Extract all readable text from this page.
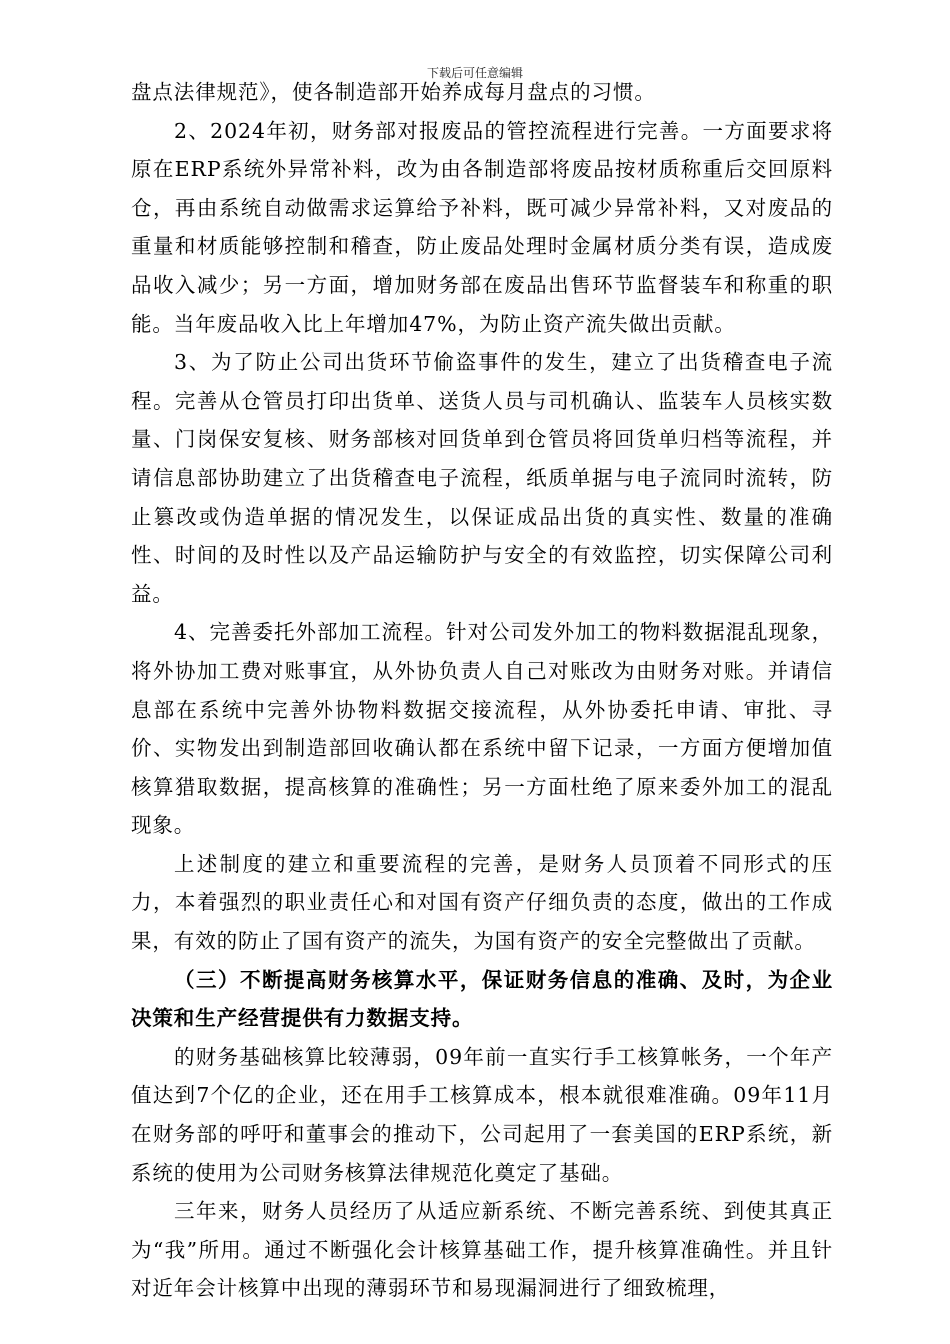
下载后可任意编辑

盘点法律规范》，使各制造部开始养成每月盘点的习惯。

2、2024年初，财务部对报废品的管控流程进行完善。一方面要求将原在ERP系统外异常补料，改为由各制造部将废品按材质称重后交回原料仓，再由系统自动做需求运算给予补料，既可减少异常补料，又对废品的重量和材质能够控制和稽查，防止废品处理时金属材质分类有误，造成废品收入减少；另一方面，增加财务部在废品出售环节监督装车和称重的职能。当年废品收入比上年增加47%，为防止资产流失做出贡献。

3、为了防止公司出货环节偷盗事件的发生，建立了出货稽查电子流程。完善从仓管员打印出货单、送货人员与司机确认、监装车人员核实数量、门岗保安复核、财务部核对回货单到仓管员将回货单归档等流程，并请信息部协助建立了出货稽查电子流程，纸质单据与电子流同时流转，防止篡改或伪造单据的情况发生，以保证成品出货的真实性、数量的准确性、时间的及时性以及产品运输防护与安全的有效监控，切实保障公司利益。

4、完善委托外部加工流程。针对公司发外加工的物料数据混乱现象，将外协加工费对账事宜，从外协负责人自己对账改为由财务对账。并请信息部在系统中完善外协物料数据交接流程，从外协委托申请、审批、寻价、实物发出到制造部回收确认都在系统中留下记录，一方面方便增加值核算猎取数据，提高核算的准确性；另一方面杜绝了原来委外加工的混乱现象。

上述制度的建立和重要流程的完善，是财务人员顶着不同形式的压力，本着强烈的职业责任心和对国有资产仔细负责的态度，做出的工作成果，有效的防止了国有资产的流失，为国有资产的安全完整做出了贡献。

（三）不断提高财务核算水平，保证财务信息的准确、及时，为企业决策和生产经营提供有力数据支持。

的财务基础核算比较薄弱，09年前一直实行手工核算帐务，一个年产值达到7个亿的企业，还在用手工核算成本，根本就很难准确。09年11月在财务部的呼吁和董事会的推动下，公司起用了一套美国的ERP系统，新系统的使用为公司财务核算法律规范化奠定了基础。

三年来，财务人员经历了从适应新系统、不断完善系统、到使其真正为“我”所用。通过不断强化会计核算基础工作，提升核算准确性。并且针对近年会计核算中出现的薄弱环节和易现漏洞进行了细致梳理，
